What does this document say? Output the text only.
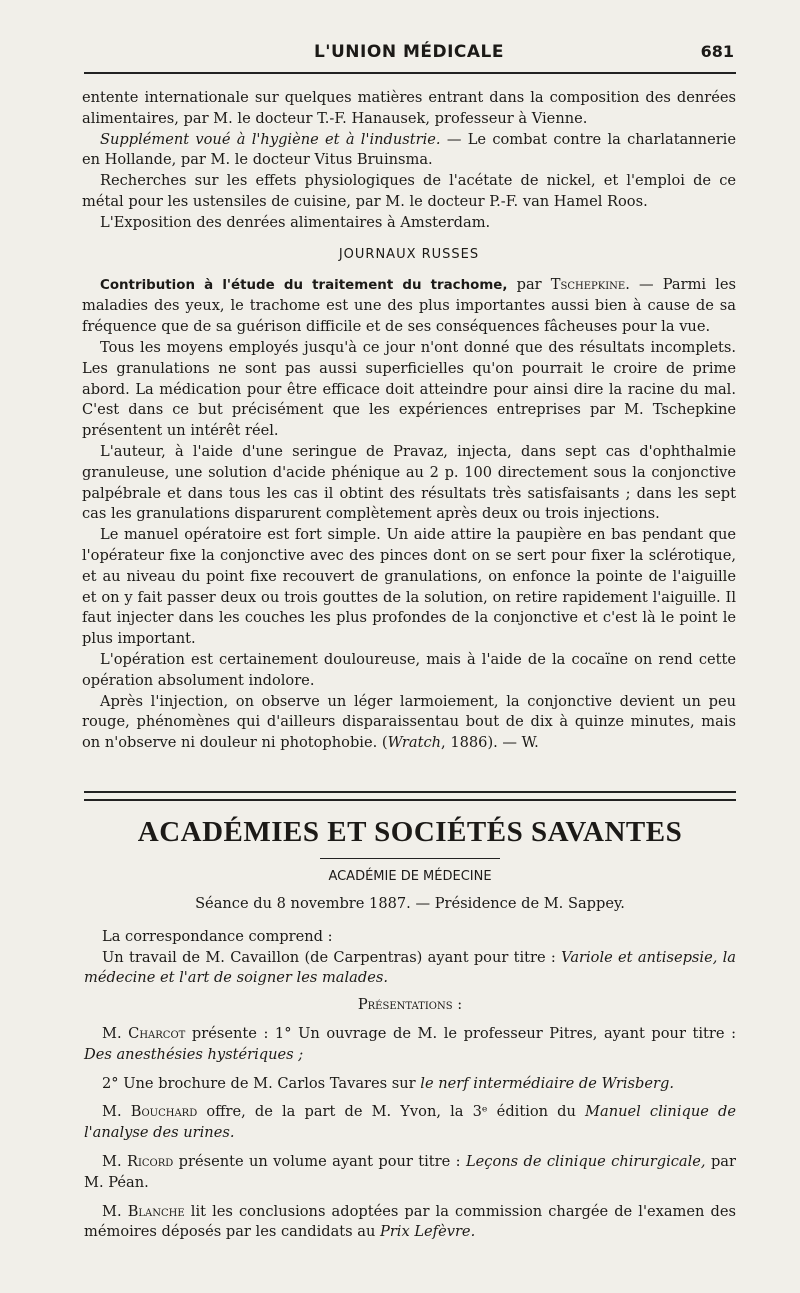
L'UNION MÉDICALE	681

entente internationale sur quelques matières entrant dans la composition des denrées alimentaires, par M. le docteur T.-F. Hanausek, professeur à Vienne.

Supplément voué à l'hygiène et à l'industrie. — Le combat contre la charlatannerie en Hollande, par M. le docteur Vitus Bruinsma.

Recherches sur les effets physiologiques de l'acétate de nickel, et l'emploi de ce métal pour les ustensiles de cuisine, par M. le docteur P.-F. van Hamel Roos.

L'Exposition des denrées alimentaires à Amsterdam.

JOURNAUX RUSSES

Contribution à l'étude du traitement du trachome, par Tschepkine. — Parmi les maladies des yeux, le trachome est une des plus importantes aussi bien à cause de sa fréquence que de sa guérison difficile et de ses conséquences fâcheuses pour la vue.

Tous les moyens employés jusqu'à ce jour n'ont donné que des résultats incomplets. Les granulations ne sont pas aussi superficielles qu'on pourrait le croire de prime abord. La médication pour être efficace doit atteindre pour ainsi dire la racine du mal. C'est dans ce but précisément que les expériences entreprises par M. Tschepkine présentent un intérêt réel.

L'auteur, à l'aide d'une seringue de Pravaz, injecta, dans sept cas d'ophthalmie granuleuse, une solution d'acide phénique au 2 p. 100 directement sous la conjonctive palpébrale et dans tous les cas il obtint des résultats très satisfaisants ; dans les sept cas les granulations disparurent complètement après deux ou trois injections.

Le manuel opératoire est fort simple. Un aide attire la paupière en bas pendant que l'opérateur fixe la conjonctive avec des pinces dont on se sert pour fixer la sclérotique, et au niveau du point fixe recouvert de granulations, on enfonce la pointe de l'aiguille et on y fait passer deux ou trois gouttes de la solution, on retire rapidement l'aiguille. Il faut injecter dans les couches les plus profondes de la conjonctive et c'est là le point le plus important.

L'opération est certainement douloureuse, mais à l'aide de la cocaïne on rend cette opération absolument indolore.

Après l'injection, on observe un léger larmoiement, la conjonctive devient un peu rouge, phénomènes qui d'ailleurs disparaissentau bout de dix à quinze minutes, mais on n'observe ni douleur ni photophobie. (Wratch, 1886). — W.

ACADÉMIES ET SOCIÉTÉS SAVANTES
ACADÉMIE DE MÉDECINE

Séance du 8 novembre 1887. — Présidence de M. Sappey.

La correspondance comprend :

Un travail de M. Cavaillon (de Carpentras) ayant pour titre : Variole et antisepsie, la médecine et l'art de soigner les malades.

Présentations :

M. Charcot présente : 1° Un ouvrage de M. le professeur Pitres, ayant pour titre : Des anesthésies hystériques ;

2° Une brochure de M. Carlos Tavares sur le nerf intermédiaire de Wrisberg.

M. Bouchard offre, de la part de M. Yvon, la 3ᵉ édition du Manuel clinique de l'analyse des urines.

M. Ricord présente un volume ayant pour titre : Leçons de clinique chirurgicale, par M. Péan.

M. Blanche lit les conclusions adoptées par la commission chargée de l'examen des mémoires déposés par les candidats au Prix Lefèvre.
